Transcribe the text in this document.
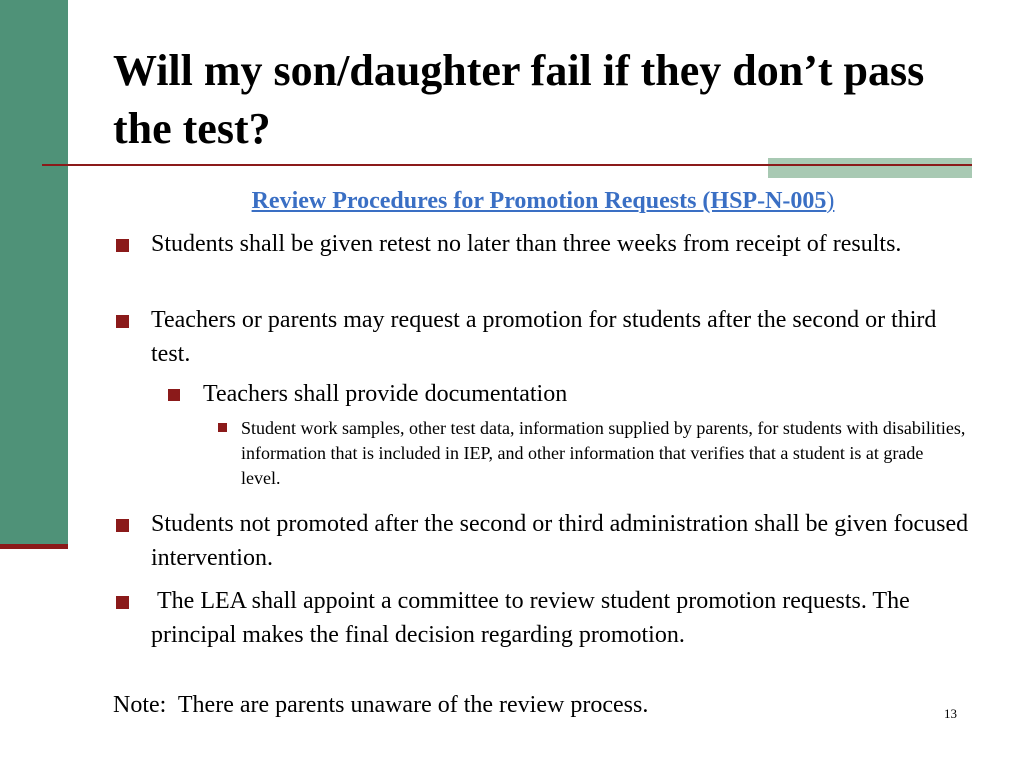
Will my son/daughter fail if they don’t pass the test?
Review Procedures for Promotion Requests (HSP-N-005)
Students shall be given retest no later than three weeks from receipt of results.
Teachers or parents may request a promotion for students after the second or third test.
Teachers shall provide documentation
Student work samples, other test data, information supplied by parents, for students with disabilities, information that is included in IEP, and other information that verifies that a student is at grade level.
Students not promoted after the second or third administration shall be given focused intervention.
The LEA shall appoint a committee to review student promotion requests. The principal makes the final decision regarding promotion.
Note:  There are parents unaware of the review process.	13
